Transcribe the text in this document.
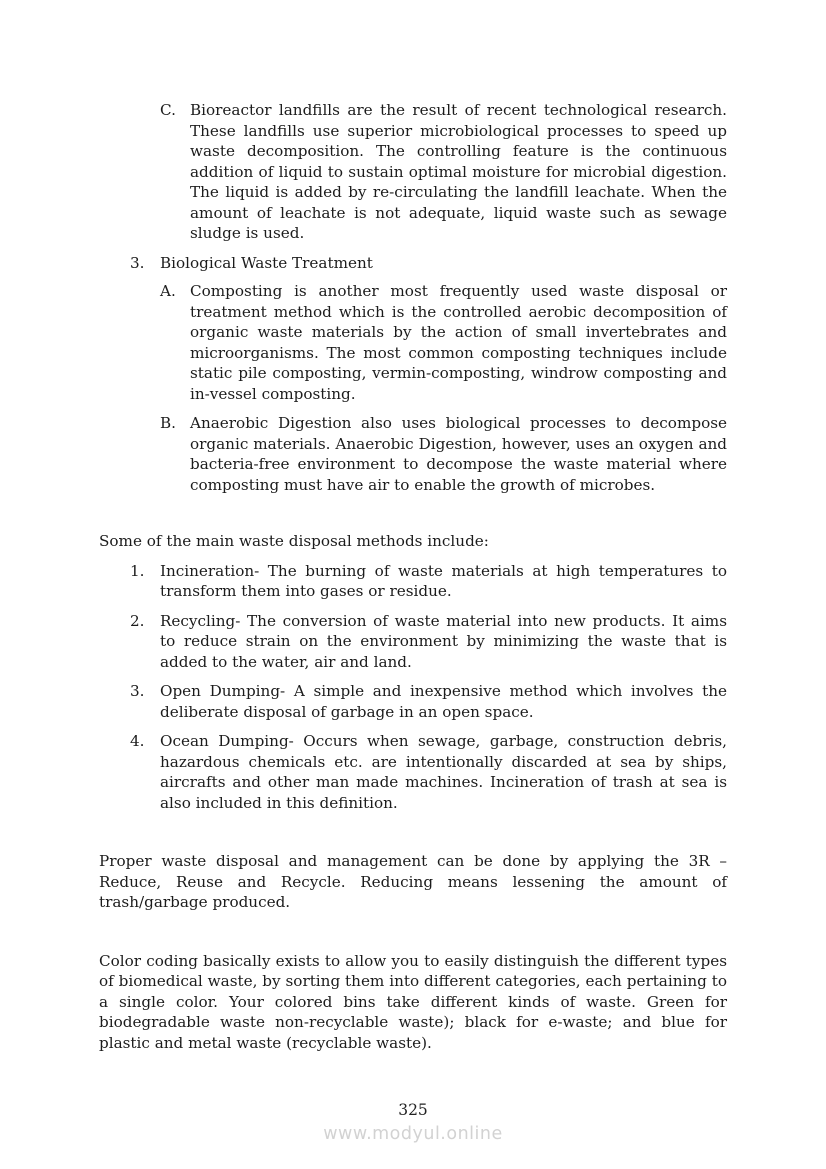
C. Bioreactor landfills are the result of recent technological research. These landfills use superior microbiological processes to speed up waste decomposition. The controlling feature is the continuous addition of liquid to sustain optimal moisture for microbial digestion. The liquid is added by re-circulating the landfill leachate. When the amount of leachate is not adequate, liquid waste such as sewage sludge is used.
3.	Biological Waste Treatment
A. Composting is another most frequently used waste disposal or treatment method which is the controlled aerobic decomposition of organic waste materials by the action of small invertebrates and microorganisms. The most common composting techniques include static pile composting, vermin-composting, windrow composting and in-vessel composting.
B. Anaerobic Digestion also uses biological processes to decompose organic materials. Anaerobic Digestion, however, uses an oxygen and bacteria-free environment to decompose the waste material where composting must have air to enable the growth of microbes.
Some of the main waste disposal methods include:
1.	Incineration- The burning of waste materials at high temperatures to transform them into gases or residue.
2.	Recycling- The conversion of waste material into new products. It aims to reduce strain on the environment by minimizing the waste that is added to the water, air and land.
3.	Open Dumping- A simple and inexpensive method which involves the deliberate disposal of garbage in an open space.
4.	Ocean Dumping- Occurs when sewage, garbage, construction debris, hazardous chemicals etc. are intentionally discarded at sea by ships, aircrafts and other man made machines. Incineration of trash at sea is also included in this definition.
Proper waste disposal and management can be done by applying the 3R – Reduce, Reuse and Recycle. Reducing means lessening the amount of trash/garbage produced.
Color coding basically exists to allow you to easily distinguish the different types of biomedical waste, by sorting them into different categories, each pertaining to a single color. Your colored bins take different kinds of waste. Green for biodegradable waste non-recyclable waste); black for e-waste; and blue for plastic and metal waste (recyclable waste).
325
www.modyul.online
